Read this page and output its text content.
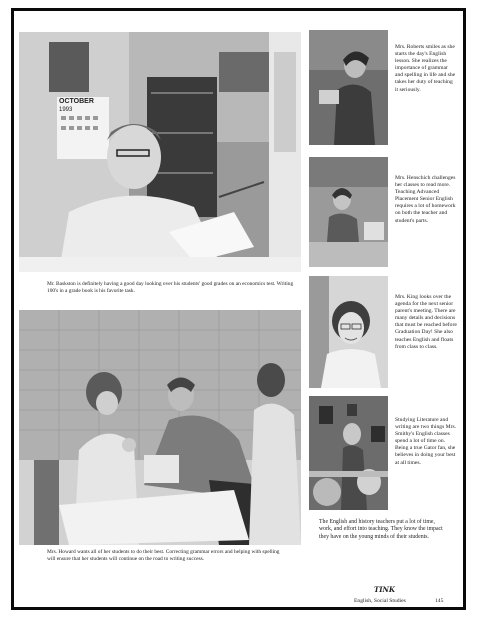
OCTOBER
1993
Mr. Baskston is definitely having a good day looking over his students' good grades on an economics test. Writing 100's in a grade book is his favorite task.
Mrs. Howard wants all of her students to do their best. Correcting grammar errors and helping with spelling will ensure that her students will continue on the road to writing success.
Mrs. Roberts smiles as she starts the day's English lesson. She realizes the importance of grammar and spelling in life and she takes her duty of teaching it seriously.
Mrs. Henschich challenges her classes to read more. Teaching Advanced Placement Senior English requires a lot of homework on both the teacher and student's parts.
Mrs. King looks over the agenda for the next senior parent's meeting. There are many details and decisions that must be reached before Graduation Day! She also teaches English and floats from class to class.
Studying Literature and writing are two things Mrs. Smithy's English classes spend a lot of time on. Being a true Gator fan, she believes in doing your best at all times.
The English and history teachers put a lot of time, work, and effort into teaching. They know the impact they have on the young minds of their students.
TINK
English, Social Studies	145
